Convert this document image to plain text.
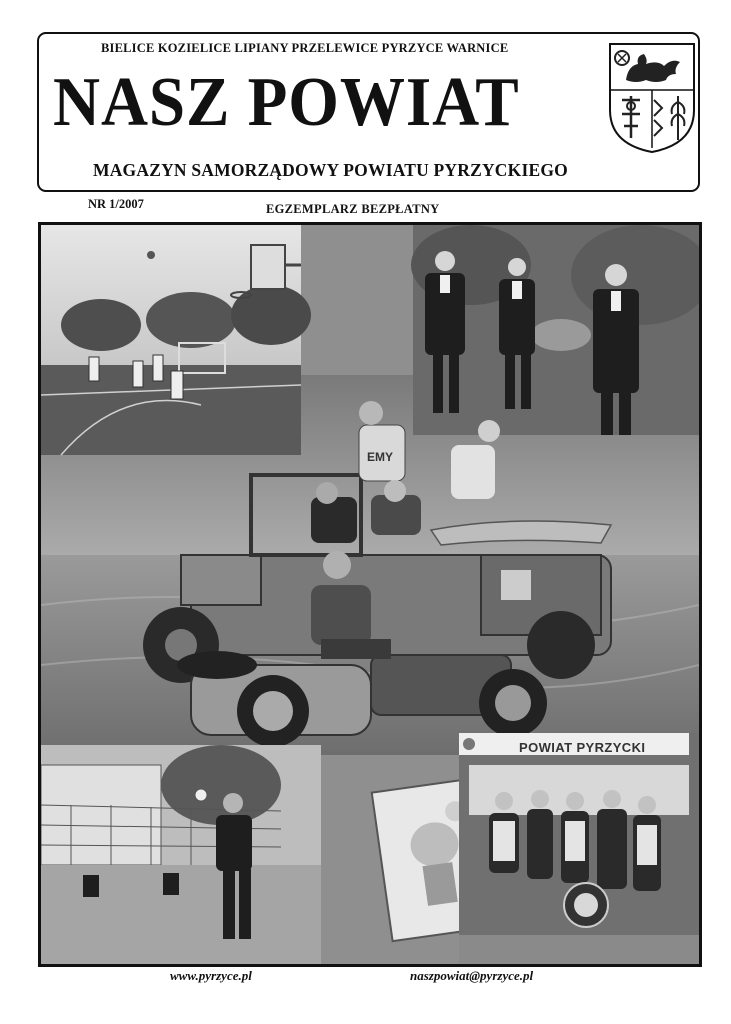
BIELICE KOZIELICE LIPIANY PRZELEWICE PYRZYCE WARNICE
NASZ POWIAT
MAGAZYN SAMORZĄDOWY POWIATU PYRZYCKIEGO
NR 1/2007	EGZEMPLARZ BEZPŁATNY
EMY
POWIAT PYRZYCKI
www.pyrzyce.pl	naszpowiat@pyrzyce.pl
